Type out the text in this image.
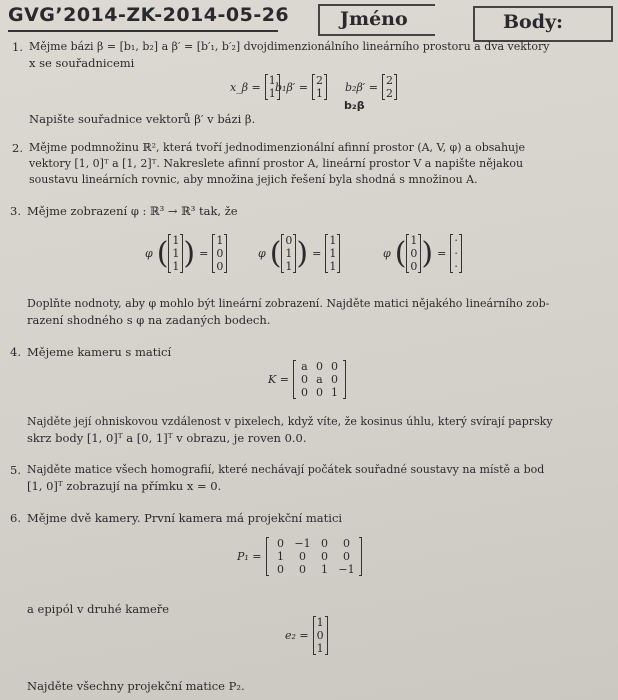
GVG’2014-ZK-2014-05-26	Jméno	Body:
1. Mějme bázi β = [b₁, b₂] a β′ = [b′₁, b′₂] dvojdimenzionálního lineárního prostoru a dva vektory
x se souřadnicemi
x_β = 1
1 b₁β′ = 2
1 b₂β′ = 2
2
b₂β
Napište souřadnice vektorů β′ v bázi β.
2. Mějme podmnožinu ℝ², která tvoří jednodimenzionální afinní prostor (A, V, φ) a obsahuje
vektory [1, 0]ᵀ a [1, 2]ᵀ. Nakreslete afinní prostor A, lineární prostor V a napište nějakou
soustavu lineárních rovnic, aby množina jejich řešení byla shodná s množinou A.
3. Mějme zobrazení φ : ℝ³ → ℝ³ tak, že
φ ( 1
1
1 ) =
1
0
0
φ ( 0
1
1 ) =
1
1
1
φ ( 1
0
0 ) =
·
·
·
Doplňte nodnoty, aby φ mohlo být lineární zobrazení. Najděte matici nějakého lineárního zob-
razení shodného s φ na zadaných bodech.
4. Mějeme kameru s maticí
K =
a 0 0
0 a 0
0 0 1
Najděte její ohniskovou vzdálenost v pixelech, když víte, že kosinus úhlu, který svírají paprsky
skrz body [1, 0]ᵀ a [0, 1]ᵀ v obrazu, je roven 0.0.
5. Najděte matice všech homografií, které nechávají počátek souřadné soustavy na místě a bod
[1, 0]ᵀ zobrazují na přímku x = 0.
6. Mějme dvě kamery. První kamera má projekční matici
P₁ =
0 −1 0	0
1	0	0	0
0	0	1 −1
a epipól v druhé kameře
e₂ =
1
0
1
Najděte všechny projekční matice P₂.
